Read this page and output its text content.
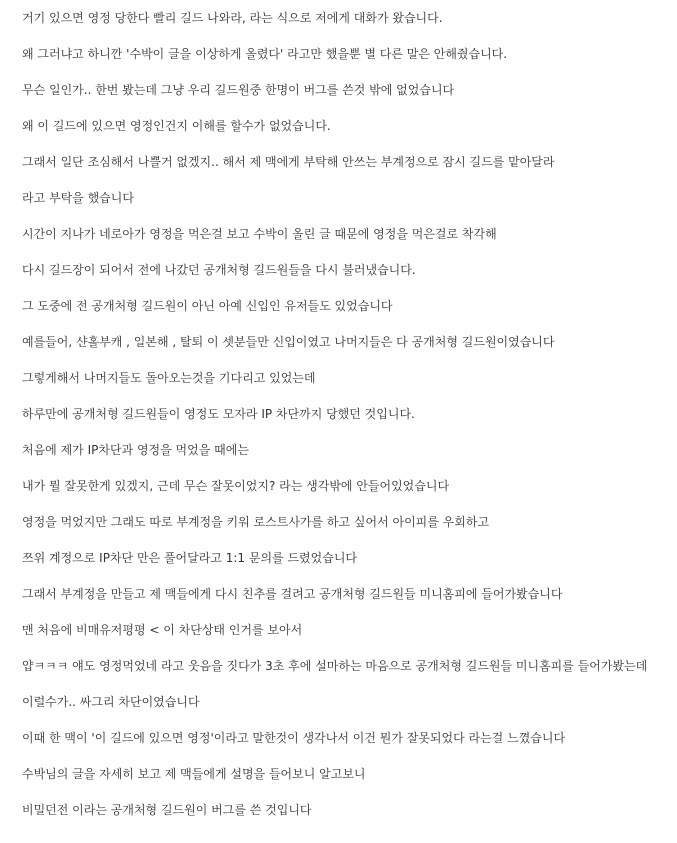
거기 있으면 영정 당한다 빨리 길드 나와라, 라는 식으로 저에게 대화가 왔습니다.

왜 그러냐고 하니깐 '수박이 글을 이상하게 올렸다' 라고만 했을뿐 별 다른 말은 안해줬습니다.

무슨 일인가.. 한번 봤는데 그냥 우리 길드원중 한명이 버그를 쓴것 밖에 없었습니다

왜 이 길드에 있으면 영정인건지 이해를 할수가 없었습니다.

그래서 일단 조심해서 나쁠거 없겠지.. 해서 제 맥에게 부탁해 안쓰는 부계정으로 잠시 길드를 맡아달라

라고 부탁을 했습니다

시간이 지나가 네로아가 영정을 먹은걸 보고 수박이 올린 글 때문에 영정을 먹은걸로 착각해

다시 길드장이 되어서 전에 나갔던 공개처형 길드원들을 다시 불러냈습니다.

그 도중에 전 공개처형 길드원이 아닌 아예 신입인 유저들도 있었습니다

예를들어, 샨홀부캐 , 일본해 , 탈퇴 이 셋분들만 신입이였고 나머지들은 다 공개처형 길드원이였습니다

그렇게해서 나머지들도 돌아오는것을 기다리고 있었는데

하루만에 공개처형 길드원들이 영정도 모자라 IP 차단까지 당했던 것입니다.

처음에 제가 IP차단과 영정을 먹었을 때에는

내가 뭘 잘못한게 있겠지, 근데 무슨 잘못이었지? 라는 생각밖에 안들어있었습니다

영정을 먹었지만 그래도 따로 부계정을 키워 로스트사가를 하고 싶어서 아이피를 우회하고

쯔위 계정으로 IP차단 만은 풀어달라고 1:1 문의를 드렸었습니다

그래서 부계정을 만들고 제 맥들에게 다시 친추를 걸려고 공개처형 길드원들 미니홈피에 들어가봤습니다

맨 처음에 비매유저평평 < 이 차단상태 인거를 보아서

얍ㅋㅋㅋ 얘도 영정먹었네 라고 웃음을 짓다가 3초 후에 설마하는 마음으로 공개처형 길드원들 미니홈피를 들어가봤는데

이럴수가.. 싸그리 차단이였습니다

이때 한 맥이 '이 길드에 있으면 영정'이라고 말한것이 생각나서 이건 뭔가 잘못되었다 라는걸 느꼈습니다

수박님의 글을 자세히 보고 제 맥들에게 설명을 들어보니 알고보니

비밀던전 이라는 공개처형 길드원이 버그를 쓴 것입니다
